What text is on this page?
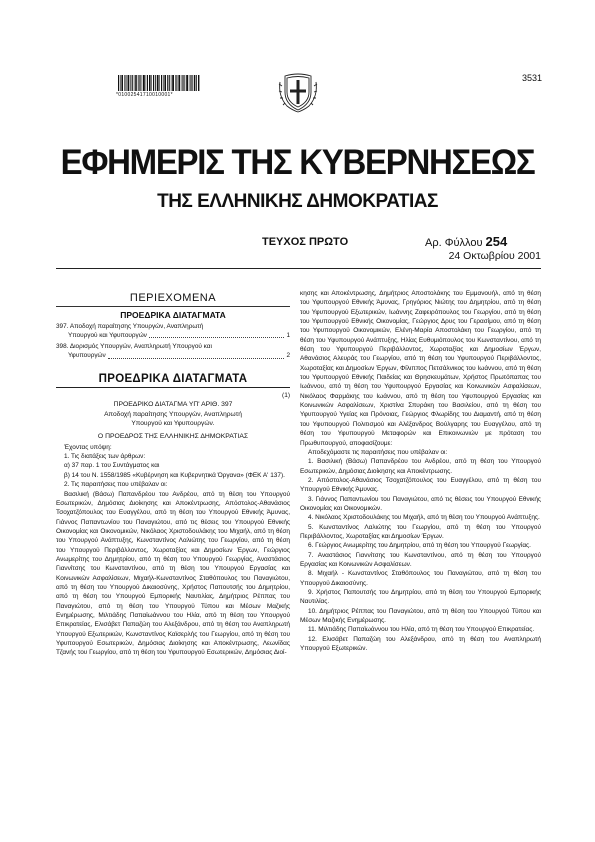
*01002541710010001*
3531
ΕΦΗΜΕΡΙΣ ΤΗΣ ΚΥΒΕΡΝΗΣΕΩΣ
ΤΗΣ ΕΛΛΗΝΙΚΗΣ ΔΗΜΟΚΡΑΤΙΑΣ
ΤΕΥΧΟΣ ΠΡΩΤΟ	Αρ. Φύλλου 254
24 Οκτωβρίου 2001
ΠΕΡΙΕΧΟΜΕΝΑ
ΠΡΟΕΔΡΙΚΑ ΔΙΑΤΑΓΜΑΤΑ
397. Αποδοχή παραίτησης Υπουργών, Αναπληρωτή
Υπουργού και Υφυπουργών	1
398. Διορισμός Υπουργών, Αναπληρωτή Υπουργού και
Υφυπουργών	2
ΠΡΟΕΔΡΙΚΑ ΔΙΑΤΑΓΜΑΤΑ
(1)
ΠΡΟΕΔΡΙΚΟ ΔΙΑΤΑΓΜΑ ΥΠ' ΑΡΙΘ. 397
Αποδοχή παραίτησης Υπουργών, Αναπληρωτή
Υπουργού και Υφυπουργών.
Ο ΠΡΟΕΔΡΟΣ ΤΗΣ ΕΛΛΗΝΙΚΗΣ ΔΗΜΟΚΡΑΤΙΑΣ

Έχοντας υπόψη:

1. Τις διατάξεις των άρθρων:

α) 37 παρ. 1 του Συντάγματος και

β) 14 του Ν. 1558/1985 «Κυβέρνηση και Κυβερνητικά Όργανα» (ΦΕΚ Α' 137).

2. Τις παραιτήσεις που υπέβαλαν οι:

Βασιλική (Βάσω) Παπανδρέου του Ανδρέου, από τη θέση του Υπουργού Εσωτερικών, Δημόσιας Διοίκησης και Αποκέντρωσης, Απόστολος-Αθανάσιος Τσοχατζόπουλος του Ευαγγέλου, από τη θέση του Υπουργού Εθνικής Άμυνας, Γιάννος Παπαντωνίου του Παναγιώτου, από τις θέσεις του Υπουργού Εθνικής Οικονομίας και Οικονομικών, Νικόλαος Χριστοδουλάκης του Μιχαήλ, από τη θέση του Υπουργού Ανάπτυξης, Κωνσταντίνος Λαλιώτης του Γεωργίου, από τη θέση του Υπουργού Περιβάλλοντος, Χωροταξίας και Δημοσίων Έργων, Γεώργιος Ανωμερίτης του Δημητρίου, από τη θέση του Υπουργού Γεωργίας, Αναστάσιος Γιαννίτσης του Κωνσταντίνου, από τη θέση του Υπουργού Εργασίας και Κοινωνικών Ασφαλίσεων, Μιχαήλ-Κωνσταντίνος Σταθόπουλος του Παναγιώτου, από τη θέση του Υπουργού Δικαιοσύνης, Χρήστος Παπουτσής του Δημητρίου, από τη θέση του Υπουργού Εμπορικής Ναυτιλίας, Δημήτριος Ρέππας του Παναγιώτου, από τη θέση του Υπουργού Τύπου και Μέσων Μαζικής Ενημέρωσης, Μιλτιάδης Παπαϊωάννου του Ηλία, από τη θέση του Υπουργού Επικρατείας, Ελισάβετ Παπαζώη του Αλεξάνδρου, από τη θέση του Αναπληρωτή Υπουργού Εξωτερικών, Κωνσταντίνος Καϊσερλής του Γεωργίου, από τη θέση του Υφυπουργού Εσωτερικών, Δημόσιας Διοίκησης και Αποκέντρωσης, Λεωνίδας Τζανής του Γεωργίου, από τη θέση του Υφυπουργού Εσωτερικών, Δημόσιας Διοί-

κησης και Αποκέντρωσης, Δημήτριος Αποστολάκης του Εμμανουήλ, από τη θέση του Υφυπουργού Εθνικής Άμυνας, Γρηγόριος Νιώτης του Δημητρίου, από τη θέση του Υφυπουργού Εξωτερικών, Ιωάννης Ζαφειρόπουλος του Γεωργίου, από τη θέση του Υφυπουργού Εθνικής Οικονομίας, Γεώργιος Δρυς του Γερασίμου, από τη θέση του Υφυπουργού Οικονομικών, Ελένη-Μαρία Αποστολάκη του Γεωργίου, από τη θέση του Υφυπουργού Ανάπτυξης, Ηλίας Ευθυμιόπουλος του Κωνσταντίνου, από τη θέση του Υφυπουργού Περιβάλλοντος, Χωροταξίας και Δημοσίων Έργων, Αθανάσιος Αλευράς του Γεωργίου, από τη θέση του Υφυπουργού Περιβάλλοντος, Χωροταξίας και Δημοσίων Έργων, Φίλιππος Πετσάλνικος του Ιωάννου, από τη θέση του Υφυπουργού Εθνικής Παιδείας και Θρησκευμάτων, Χρήστος Πρωτόπαπας του Ιωάννου, από τη θέση του Υφυπουργού Εργασίας και Κοινωνικών Ασφαλίσεων, Νικόλαος Φαρμάκης του Ιωάννου, από τη θέση του Υφυπουργού Εργασίας και Κοινωνικών Ασφαλίσεων, Χριστίνα Σπυράκη του Βασιλείου, από τη θέση του Υφυπουργού Υγείας και Πρόνοιας, Γεώργιος Φλωρίδης του Διαμαντή, από τη θέση του Υφυπουργού Πολιτισμού και Αλέξανδρος Βούλγαρης του Ευαγγέλου, από τη θέση του Υφυπουργού Μεταφορών και Επικοινωνιών με πρόταση του Πρωθυπουργού, αποφασίζουμε:

Αποδεχόμαστε τις παραιτήσεις που υπέβαλαν οι:

1. Βασιλική (Βάσω) Παπανδρέου του Ανδρέου, από τη θέση του Υπουργού Εσωτερικών, Δημόσιας Διοίκησης και Αποκέντρωσης.

2. Απόστολος-Αθανάσιος Τσοχατζόπουλος του Ευαγγέλου, από τη θέση του Υπουργού Εθνικής Άμυνας.

3. Γιάννος Παπαντωνίου του Παναγιώτου, από τις θέσεις του Υπουργού Εθνικής Οικονομίας και Οικονομικών.

4. Νικόλαος Χριστοδουλάκης του Μιχαήλ, από τη θέση του Υπουργού Ανάπτυξης.

5. Κωνσταντίνος Λαλιώτης του Γεωργίου, από τη θέση του Υπουργού Περιβάλλοντος, Χωροταξίας και Δημοσίων Έργων.

6. Γεώργιος Ανωμερίτης του Δημητρίου, από τη θέση του Υπουργού Γεωργίας.

7. Αναστάσιος Γιαννίτσης του Κωνσταντίνου, από τη θέση του Υπουργού Εργασίας και Κοινωνικών Ασφαλίσεων.

8. Μιχαήλ - Κωνσταντίνος Σταθόπουλος του Παναγιώτου, από τη θέση του Υπουργού Δικαιοσύνης.

9. Χρήστος Παπουτσής του Δημητρίου, από τη θέση του Υπουργού Εμπορικής Ναυτιλίας.

10. Δημήτριος Ρέππας του Παναγιώτου, από τη θέση του Υπουργού Τύπου και Μέσων Μαζικής Ενημέρωσης.

11. Μιλτιάδης Παπαϊωάννου του Ηλία, από τη θέση του Υπουργού Επικρατείας.

12. Ελισάβετ Παπαζώη του Αλεξάνδρου, από τη θέση του Αναπληρωτή Υπουργού Εξωτερικών.
